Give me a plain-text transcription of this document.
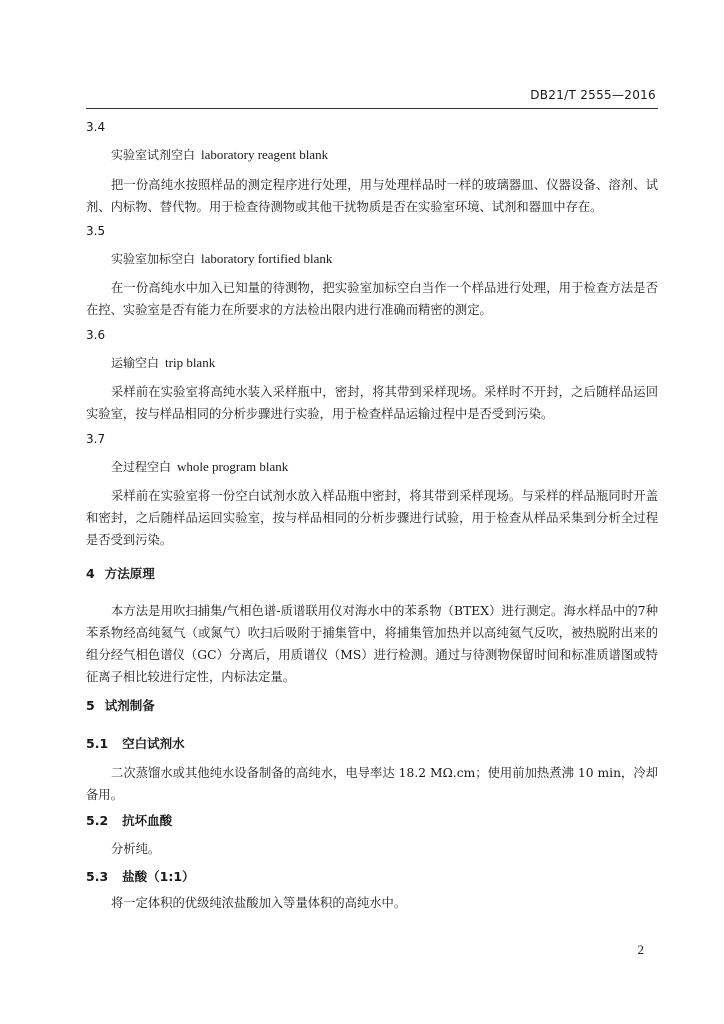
DB21/T 2555—2016
3.4
实验室试剂空白 laboratory reagent blank
把一份高纯水按照样品的测定程序进行处理，用与处理样品时一样的玻璃器皿、仪器设备、溶剂、试剂、内标物、替代物。用于检查待测物或其他干扰物质是否在实验室环境、试剂和器皿中存在。
3.5
实验室加标空白 laboratory fortified blank
在一份高纯水中加入已知量的待测物，把实验室加标空白当作一个样品进行处理，用于检查方法是否在控、实验室是否有能力在所要求的方法检出限内进行准确而精密的测定。
3.6
运输空白 trip blank
采样前在实验室将高纯水装入采样瓶中，密封，将其带到采样现场。采样时不开封，之后随样品运回实验室，按与样品相同的分析步骤进行实验，用于检查样品运输过程中是否受到污染。
3.7
全过程空白 whole program blank
采样前在实验室将一份空白试剂水放入样品瓶中密封，将其带到采样现场。与采样的样品瓶同时开盖和密封，之后随样品运回实验室，按与样品相同的分析步骤进行试验，用于检查从样品采集到分析全过程是否受到污染。
4 方法原理
本方法是用吹扫捕集/气相色谱-质谱联用仪对海水中的苯系物（BTEX）进行测定。海水样品中的7种苯系物经高纯氦气（或氮气）吹扫后吸附于捕集管中，将捕集管加热并以高纯氦气反吹，被热脱附出来的组分经气相色谱仪（GC）分离后，用质谱仪（MS）进行检测。通过与待测物保留时间和标准质谱图或特征离子相比较进行定性，内标法定量。
5 试剂制备
5.1 空白试剂水
二次蒸馏水或其他纯水设备制备的高纯水，电导率达 18.2 MΩ.cm；使用前加热煮沸 10 min，冷却备用。
5.2 抗坏血酸
分析纯。
5.3 盐酸（1:1）
将一定体积的优级纯浓盐酸加入等量体积的高纯水中。
2
